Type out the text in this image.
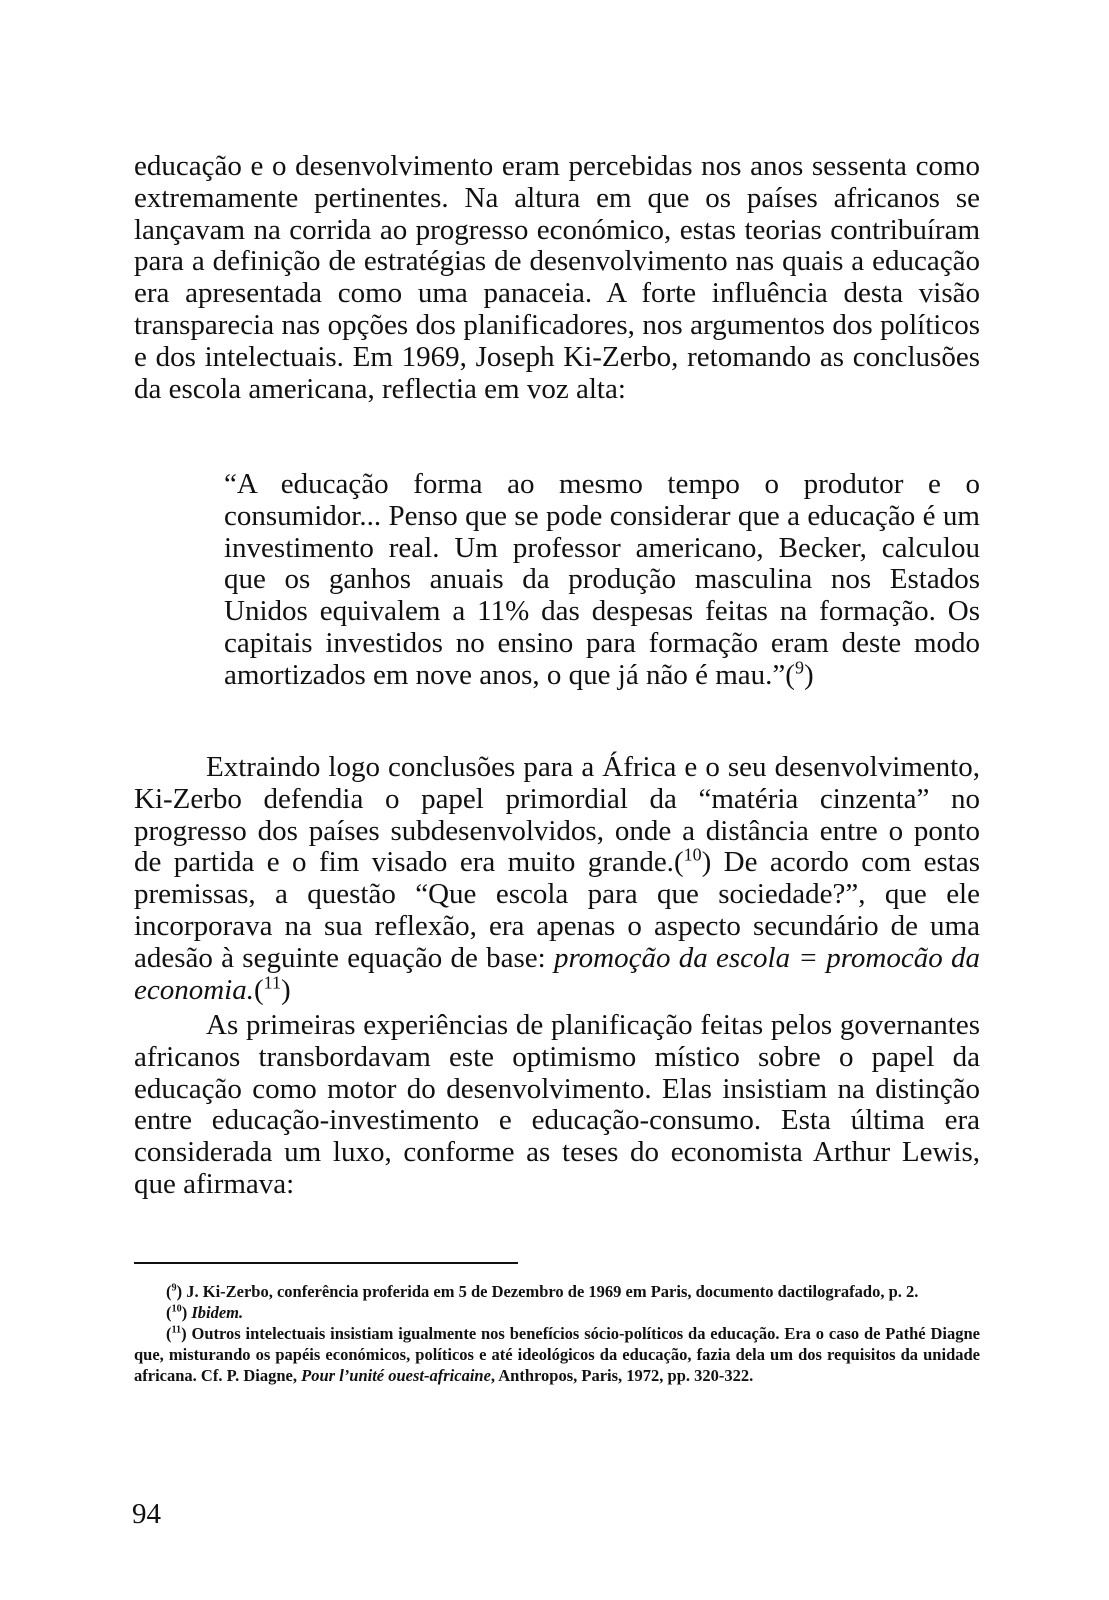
educação e o desenvolvimento eram percebidas nos anos sessenta como extremamente pertinentes. Na altura em que os países africanos se lançavam na corrida ao progresso económico, estas teorias contribuíram para a definição de estratégias de desenvolvimento nas quais a educação era apresentada como uma panaceia. A forte influência desta visão transparecia nas opções dos planificadores, nos argumentos dos políticos e dos intelectuais. Em 1969, Joseph Ki-Zerbo, retomando as conclusões da escola americana, reflectia em voz alta:

“A educação forma ao mesmo tempo o produtor e o consumidor... Penso que se pode considerar que a educação é um investimento real. Um professor americano, Becker, calculou que os ganhos anuais da produção masculina nos Estados Unidos equivalem a 11% das despesas feitas na formação. Os capitais investidos no ensino para formação eram deste modo amortizados em nove anos, o que já não é mau.”($^9$)

Extraindo logo conclusões para a África e o seu desenvolvimento, Ki-Zerbo defendia o papel primordial da “matéria cinzenta” no progresso dos países subdesenvolvidos, onde a distância entre o ponto de partida e o fim visado era muito grande.($^{10}$) De acordo com estas premissas, a questão “Que escola para que sociedade?”, que ele incorporava na sua reflexão, era apenas o aspecto secundário de uma adesão à seguinte equação de base: promoção da escola = promocão da economia.($^{11}$)

As primeiras experiências de planificação feitas pelos governantes africanos transbordavam este optimismo místico sobre o papel da educação como motor do desenvolvimento. Elas insistiam na distinção entre educação-investimento e educação-consumo. Esta última era considerada um luxo, conforme as teses do economista Arthur Lewis, que afirmava:

($^9$) J. Ki-Zerbo, conferência proferida em 5 de Dezembro de 1969 em Paris, documento dactilografado, p. 2.

($^{10}$) Ibidem.

($^{11}$) Outros intelectuais insistiam igualmente nos benefícios sócio-políticos da educação. Era o caso de Pathé Diagne que, misturando os papéis económicos, políticos e até ideológicos da educação, fazia dela um dos requisitos da unidade africana. Cf. P. Diagne, Pour l’unité ouest-africaine, Anthropos, Paris, 1972, pp. 320-322.

94
